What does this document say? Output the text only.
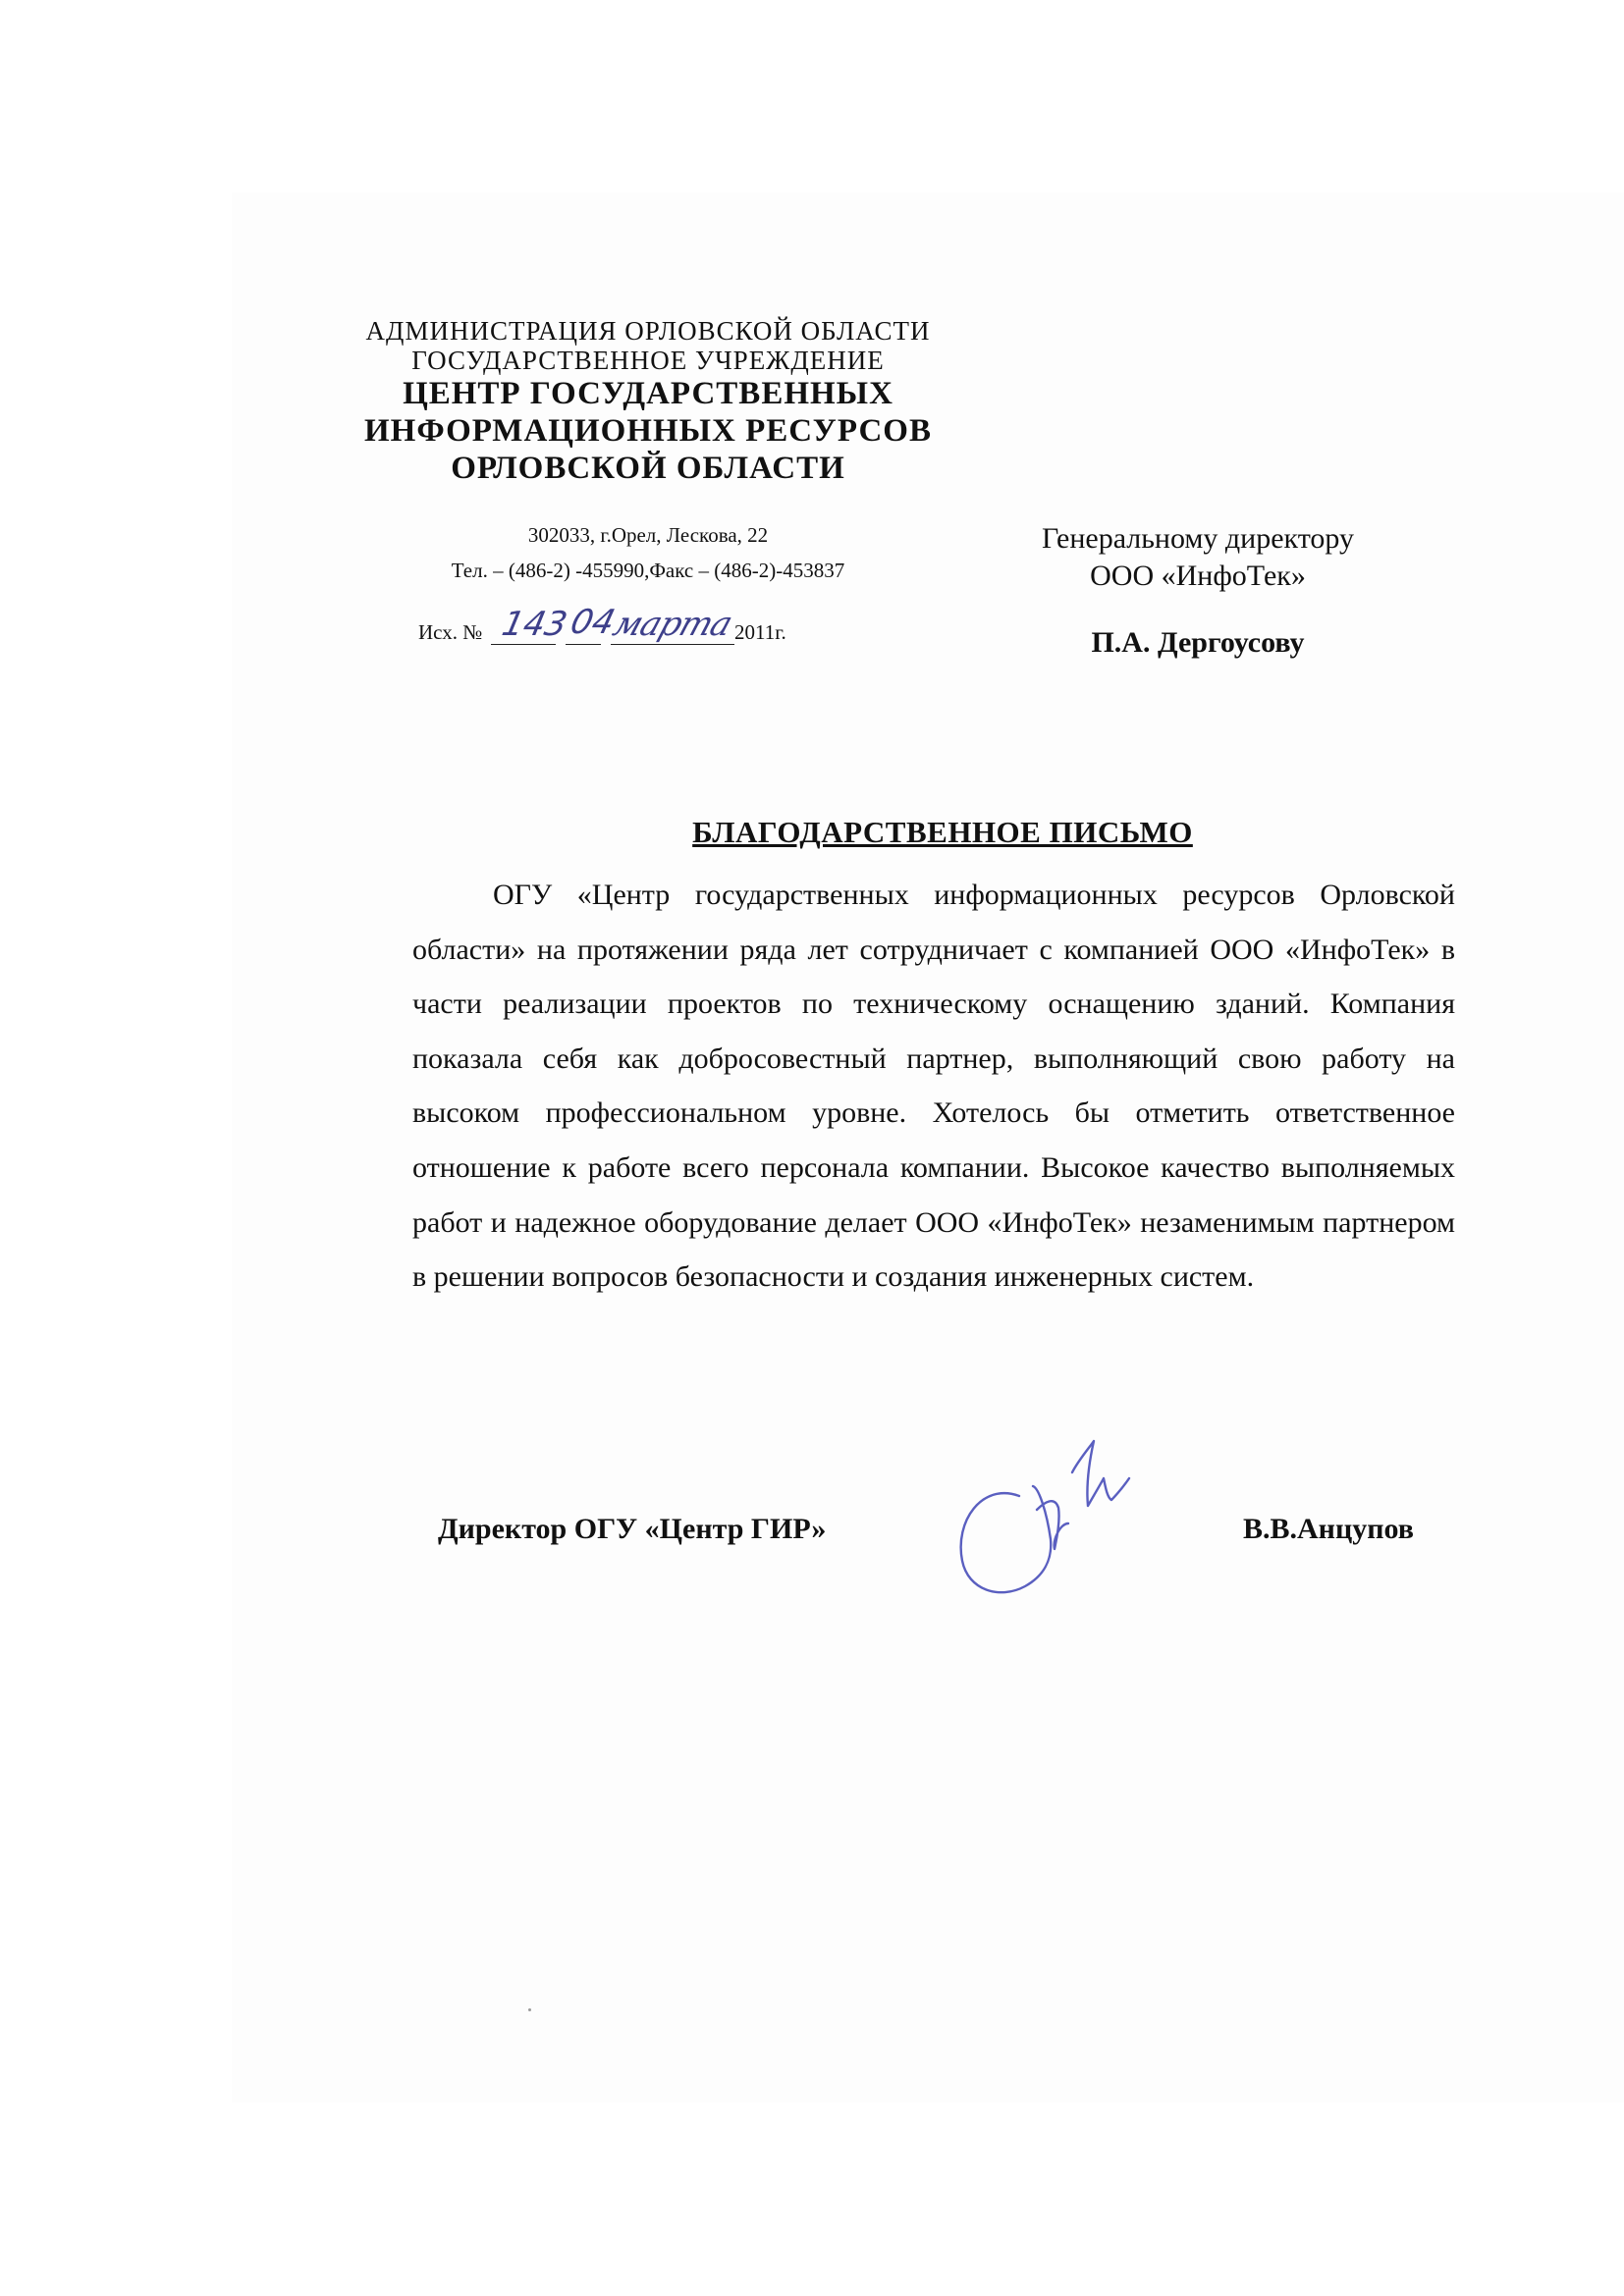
АДМИНИСТРАЦИЯ ОРЛОВСКОЙ ОБЛАСТИ
ГОСУДАРСТВЕННОЕ УЧРЕЖДЕНИЕ
ЦЕНТР ГОСУДАРСТВЕННЫХ
ИНФОРМАЦИОННЫХ РЕСУРСОВ
ОРЛОВСКОЙ ОБЛАСТИ
302033, г.Орел, Лескова, 22
Тел. – (486-2) -455990,Факс – (486-2)-453837
Исх. № 143
04
марта
2011г.
Генеральному директору
ООО «ИнфоТек»
П.А. Дергоусову
БЛАГОДАРСТВЕННОЕ ПИСЬМО

ОГУ «Центр государственных информационных ресурсов Орловской области» на протяжении ряда лет сотрудничает с компанией ООО «ИнфоТек» в части реализации проектов по техническому оснащению зданий. Компания показала себя как добросовестный партнер, выполняющий свою работу на высоком профессиональном уровне. Хотелось бы отметить ответственное отношение к работе всего персонала компании. Высокое качество выполняемых работ и надежное оборудование делает ООО «ИнфоТек» незаменимым партнером в решении вопросов безопасности и создания инженерных систем.

Директор ОГУ «Центр ГИР»	В.В.Анцупов
